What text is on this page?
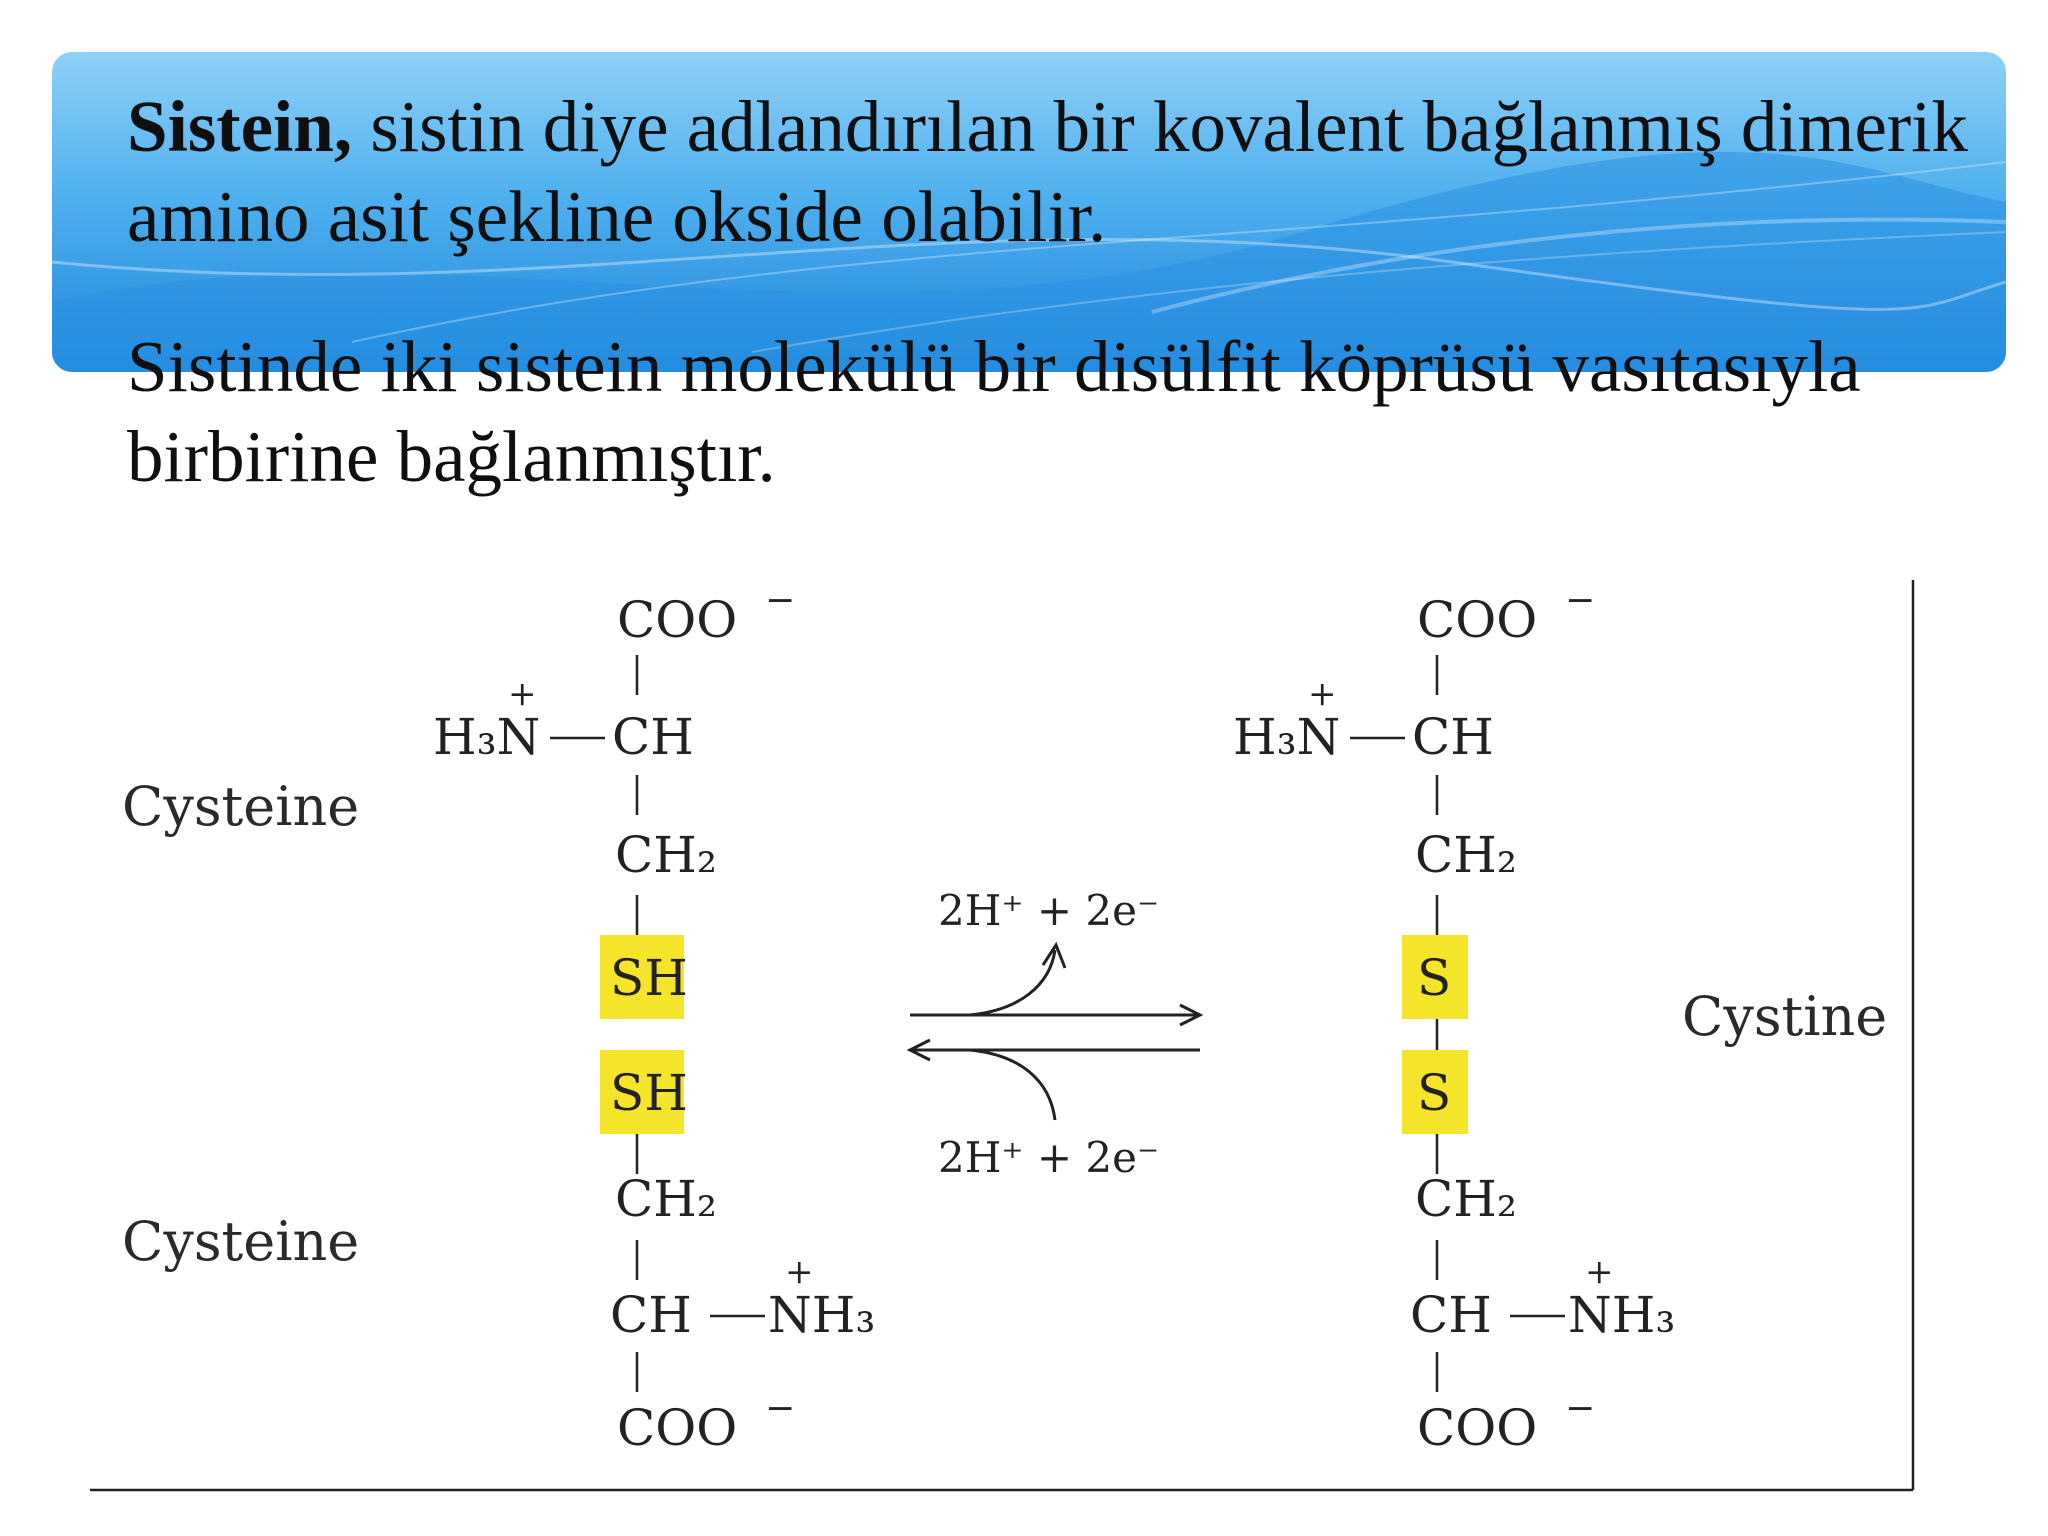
Sistein, sistin diye adlandırılan bir kovalent bağlanmış dimerik amino asit şekline okside olabilir.

Sistinde iki sistein molekülü bir disülfit köprüsü vasıtasıyla birbirine bağlanmıştır.

Cysteine
Cysteine
Cystine
COO −
CH
H₃N
+
CH₂
SH
SH
CH₂
CH NH₃
+
COO −
2H⁺ + 2e⁻
2H⁺ + 2e⁻
COO −
CH
H₃N
+
CH₂
S
S
CH₂
CH NH₃
+
COO −
